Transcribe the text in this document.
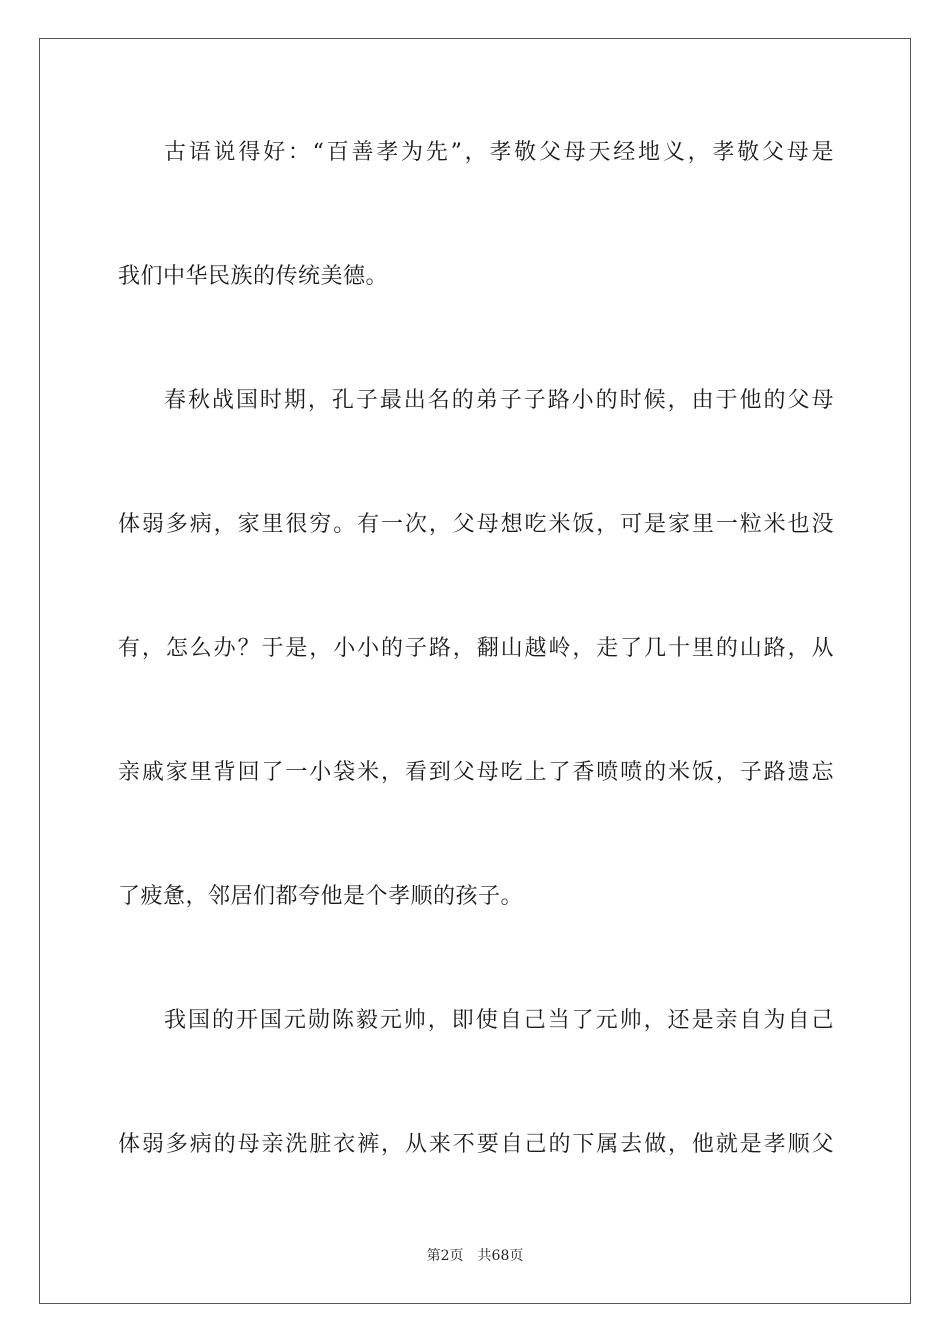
古语说得好：“百善孝为先”，孝敬父母天经地义，孝敬父母是
我们中华民族的传统美德。
春秋战国时期，孔子最出名的弟子子路小的时候，由于他的父母
体弱多病，家里很穷。有一次，父母想吃米饭，可是家里一粒米也没
有，怎么办？于是，小小的子路，翻山越岭，走了几十里的山路，从
亲戚家里背回了一小袋米，看到父母吃上了香喷喷的米饭，子路遗忘
了疲惫，邻居们都夸他是个孝顺的孩子。
我国的开国元勋陈毅元帅，即使自己当了元帅，还是亲自为自己
体弱多病的母亲洗脏衣裤，从来不要自己的下属去做，他就是孝顺父
第2页 共68页
